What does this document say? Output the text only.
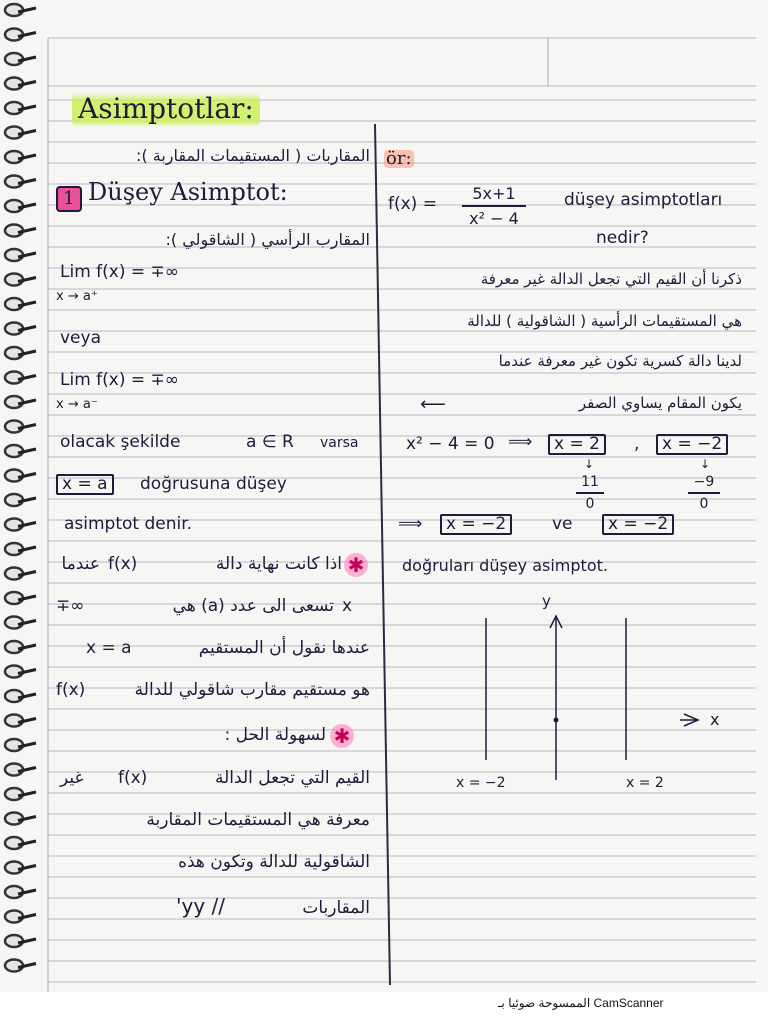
Asimptotlar:
المقاربات ( المستقيمات المقاربة ):
1 Düşey Asimptot:
المقارب الرأسي ( الشاقولي ):
Lim f(x) = ∓∞
x → a⁺
veya
Lim f(x) = ∓∞
x → a⁻
olacak şekilde	a ∈ R varsa
x = a	doğrusuna düşey
asimptot denir.
اذا كانت نهاية دالة ✱
f(x)
عندما
x
تسعى الى عدد (a) هي
∓∞
عندها نقول أن المستقيم
x = a
هو مستقيم مقارب شاقولي للدالة
f(x)
✱
لسهولة الحل :
غير f(x)	القيم التي تجعل الدالة
معرفة هي المستقيمات المقاربة
الشاقولية للدالة وتكون هذه
المقاربات
'yy //
ör:
f(x) =
5x+1
x² − 4
düşey asimptotları
nedir?
ذكرنا أن القيم التي تجعل الدالة غير معرفة
هي المستقيمات الرأسية ( الشاقولية ) للدالة
لدينا دالة كسرية تكون غير معرفة عندما
يكون المقام يساوي الصفر
⟵
x² − 4 = 0 ⟹	x = 2	,	x = −2
↓	↓
11
0
−9
0
⟹	x = −2	ve	x = −2
doğruları düşey asimptot.
y
x
x = −2	x = 2
الممسوحة ضوئيا بـ CamScanner
